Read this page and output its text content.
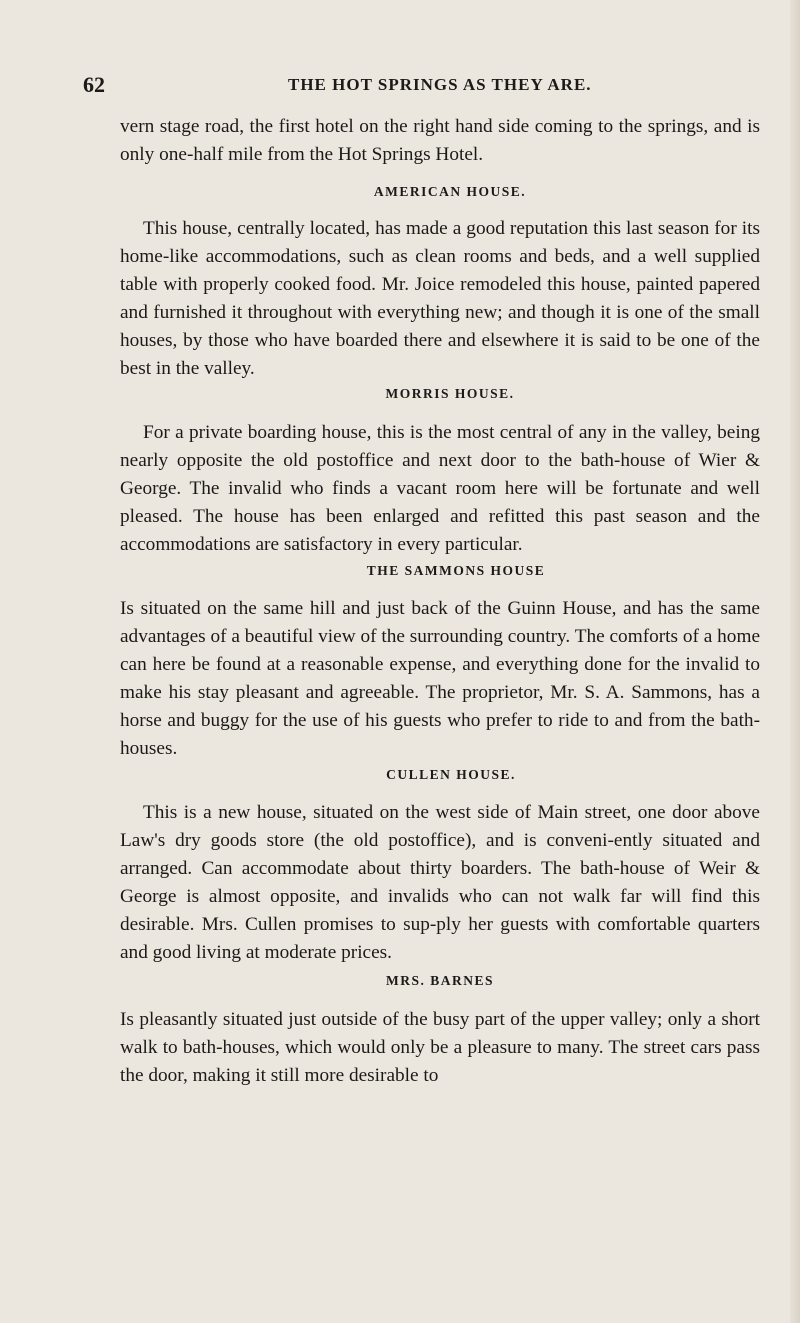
62	THE HOT SPRINGS AS THEY ARE.

vern stage road, the first hotel on the right hand side coming to the springs, and is only one-half mile from the Hot Springs Hotel.

AMERICAN HOUSE.

This house, centrally located, has made a good reputation this last season for its home-like accommodations, such as clean rooms and beds, and a well supplied table with properly cooked food. Mr. Joice remodeled this house, painted papered and furnished it throughout with everything new; and though it is one of the small houses, by those who have boarded there and elsewhere it is said to be one of the best in the valley.

MORRIS HOUSE.

For a private boarding house, this is the most central of any in the valley, being nearly opposite the old postoffice and next door to the bath-house of Wier & George. The invalid who finds a vacant room here will be fortunate and well pleased. The house has been enlarged and refitted this past season and the accommodations are satisfactory in every particular.

THE SAMMONS HOUSE

Is situated on the same hill and just back of the Guinn House, and has the same advantages of a beautiful view of the surrounding country. The comforts of a home can here be found at a reasonable expense, and everything done for the invalid to make his stay pleasant and agreeable. The proprietor, Mr. S. A. Sammons, has a horse and buggy for the use of his guests who prefer to ride to and from the bath-houses.

CULLEN HOUSE.

This is a new house, situated on the west side of Main street, one door above Law's dry goods store (the old postoffice), and is conveni-ently situated and arranged. Can accommodate about thirty boarders. The bath-house of Weir & George is almost opposite, and invalids who can not walk far will find this desirable. Mrs. Cullen promises to sup-ply her guests with comfortable quarters and good living at moderate prices.

MRS. BARNES

Is pleasantly situated just outside of the busy part of the upper valley; only a short walk to bath-houses, which would only be a pleasure to many. The street cars pass the door, making it still more desirable to
